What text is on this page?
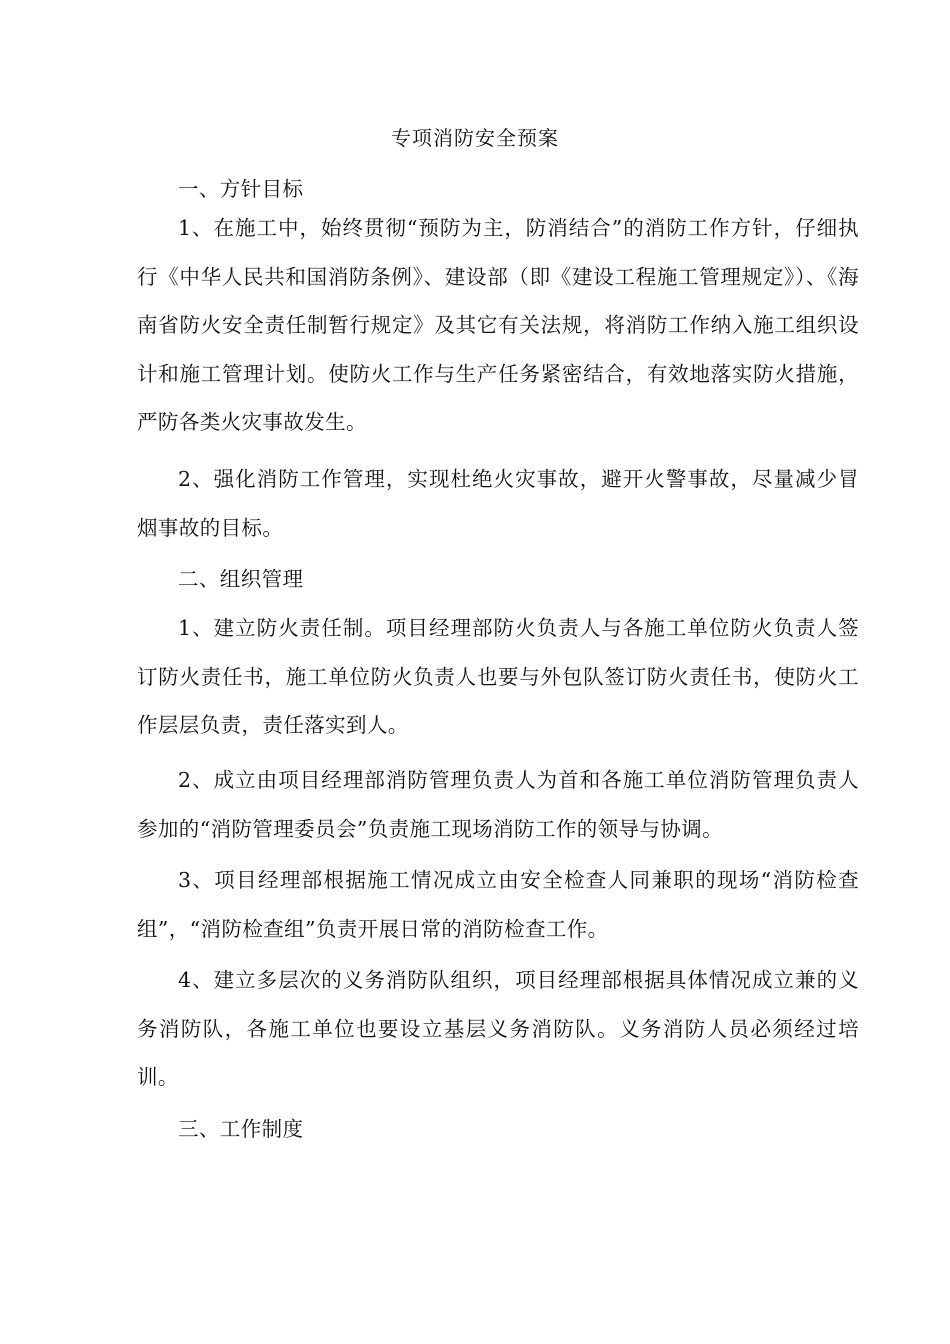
专项消防安全预案
一、方针目标
1、在施工中，始终贯彻“预防为主，防消结合”的消防工作方针，仔细执行《中华人民共和国消防条例》、建设部（即《建设工程施工管理规定》）、《海南省防火安全责任制暂行规定》及其它有关法规，将消防工作纳入施工组织设计和施工管理计划。使防火工作与生产任务紧密结合，有效地落实防火措施，严防各类火灾事故发生。
2、强化消防工作管理，实现杜绝火灾事故，避开火警事故，尽量减少冒烟事故的目标。
二、组织管理
1、建立防火责任制。项目经理部防火负责人与各施工单位防火负责人签订防火责任书，施工单位防火负责人也要与外包队签订防火责任书，使防火工作层层负责，责任落实到人。
2、成立由项目经理部消防管理负责人为首和各施工单位消防管理负责人参加的“消防管理委员会”负责施工现场消防工作的领导与协调。
3、项目经理部根据施工情况成立由安全检查人同兼职的现场“消防检查组”，“消防检查组”负责开展日常的消防检查工作。
4、建立多层次的义务消防队组织，项目经理部根据具体情况成立兼的义务消防队，各施工单位也要设立基层义务消防队。义务消防人员必须经过培训。
三、工作制度
